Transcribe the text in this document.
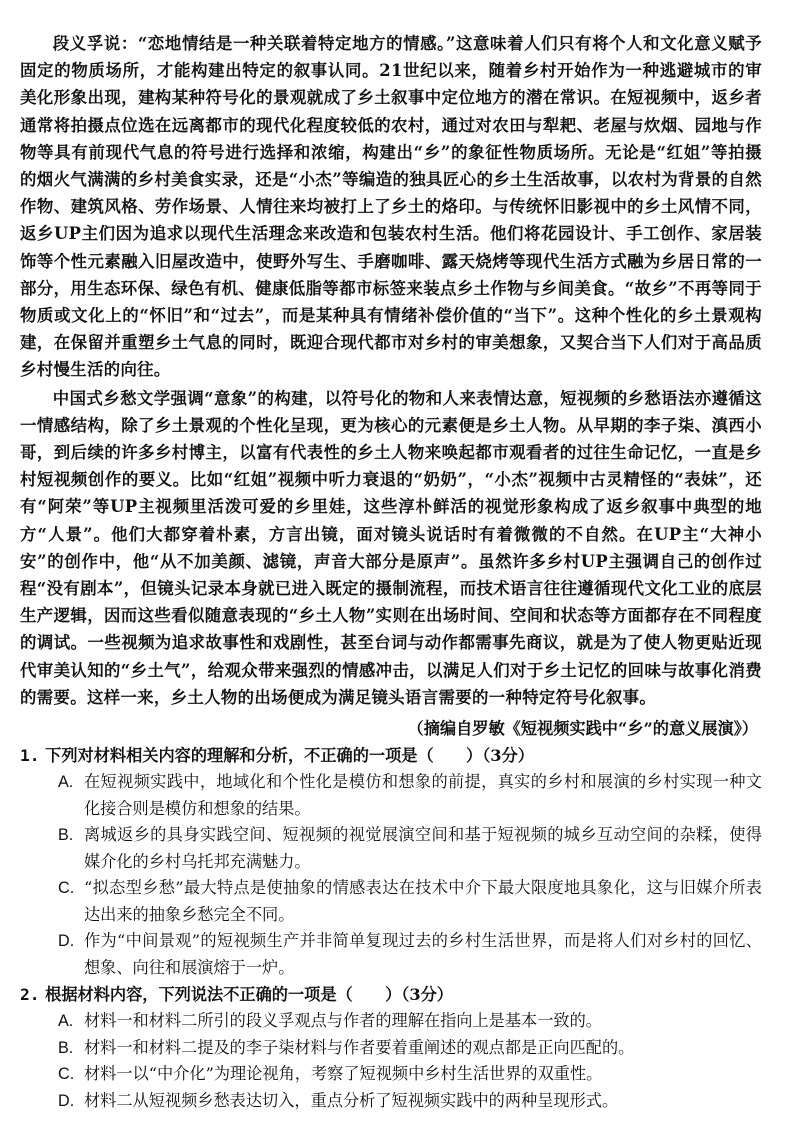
段义孚说：“恋地情结是一种关联着特定地方的情感。”这意味着人们只有将个人和文化意义赋予固定的物质场所，才能构建出特定的叙事认同。21世纪以来，随着乡村开始作为一种逃避城市的审美化形象出现，建构某种符号化的景观就成了乡土叙事中定位地方的潜在常识。在短视频中，返乡者通常将拍摄点位选在远离都市的现代化程度较低的农村，通过对农田与犁耙、老屋与炊烟、园地与作物等具有前现代气息的符号进行选择和浓缩，构建出“乡”的象征性物质场所。无论是“红姐”等拍摄的烟火气满满的乡村美食实录，还是“小杰”等编造的独具匠心的乡土生活故事，以农村为背景的自然作物、建筑风格、劳作场景、人情往来均被打上了乡土的烙印。与传统怀旧影视中的乡土风情不同，返乡UP主们因为追求以现代生活理念来改造和包装农村生活。他们将花园设计、手工创作、家居装饰等个性元素融入旧屋改造中，使野外写生、手磨咖啡、露天烧烤等现代生活方式融为乡居日常的一部分，用生态环保、绿色有机、健康低脂等都市标签来装点乡土作物与乡间美食。“故乡”不再等同于物质或文化上的“怀旧”和“过去”，而是某种具有情绪补偿价值的“当下”。这种个性化的乡土景观构建，在保留并重塑乡土气息的同时，既迎合现代都市对乡村的审美想象，又契合当下人们对于高品质乡村慢生活的向往。

中国式乡愁文学强调“意象”的构建，以符号化的物和人来表情达意，短视频的乡愁语法亦遵循这一情感结构，除了乡土景观的个性化呈现，更为核心的元素便是乡土人物。从早期的李子柒、滇西小哥，到后续的许多乡村博主，以富有代表性的乡土人物来唤起都市观看者的过往生命记忆，一直是乡村短视频创作的要义。比如“红姐”视频中听力衰退的“奶奶”，“小杰”视频中古灵精怪的“表妹”，还有“阿荣”等UP主视频里活泼可爱的乡里娃，这些淳朴鲜活的视觉形象构成了返乡叙事中典型的地方“人景”。他们大都穿着朴素，方言出镜，面对镜头说话时有着微微的不自然。在UP主“大神小安”的创作中，他“从不加美颜、滤镜，声音大部分是原声”。虽然许多乡村UP主强调自己的创作过程“没有剧本”，但镜头记录本身就已进入既定的摄制流程，而技术语言往往遵循现代文化工业的底层生产逻辑，因而这些看似随意表现的“乡土人物”实则在出场时间、空间和状态等方面都存在不同程度的调试。一些视频为追求故事性和戏剧性，甚至台词与动作都需事先商议，就是为了使人物更贴近现代审美认知的“乡土气”，给观众带来强烈的情感冲击，以满足人们对于乡土记忆的回味与故事化消费的需要。这样一来，乡土人物的出场便成为满足镜头语言需要的一种特定符号化叙事。

（摘编自罗敏《短视频实践中“乡”的意义展演》）

1. 下列对材料相关内容的理解和分析，不正确的一项是（　　）（3分）

A. 在短视频实践中，地域化和个性化是模仿和想象的前提，真实的乡村和展演的乡村实现一种文化接合则是模仿和想象的结果。
B. 离城返乡的具身实践空间、短视频的视觉展演空间和基于短视频的城乡互动空间的杂糅，使得媒介化的乡村乌托邦充满魅力。
C. “拟态型乡愁”最大特点是使抽象的情感表达在技术中介下最大限度地具象化，这与旧媒介所表达出来的抽象乡愁完全不同。
D. 作为“中间景观”的短视频生产并非简单复现过去的乡村生活世界，而是将人们对乡村的回忆、想象、向往和展演熔于一炉。

2. 根据材料内容，下列说法不正确的一项是（　　）（3分）

A. 材料一和材料二所引的段义孚观点与作者的理解在指向上是基本一致的。
B. 材料一和材料二提及的李子柒材料与作者要着重阐述的观点都是正向匹配的。
C. 材料一以“中介化”为理论视角，考察了短视频中乡村生活世界的双重性。
D. 材料二从短视频乡愁表达切入，重点分析了短视频实践中的两种呈现形式。
